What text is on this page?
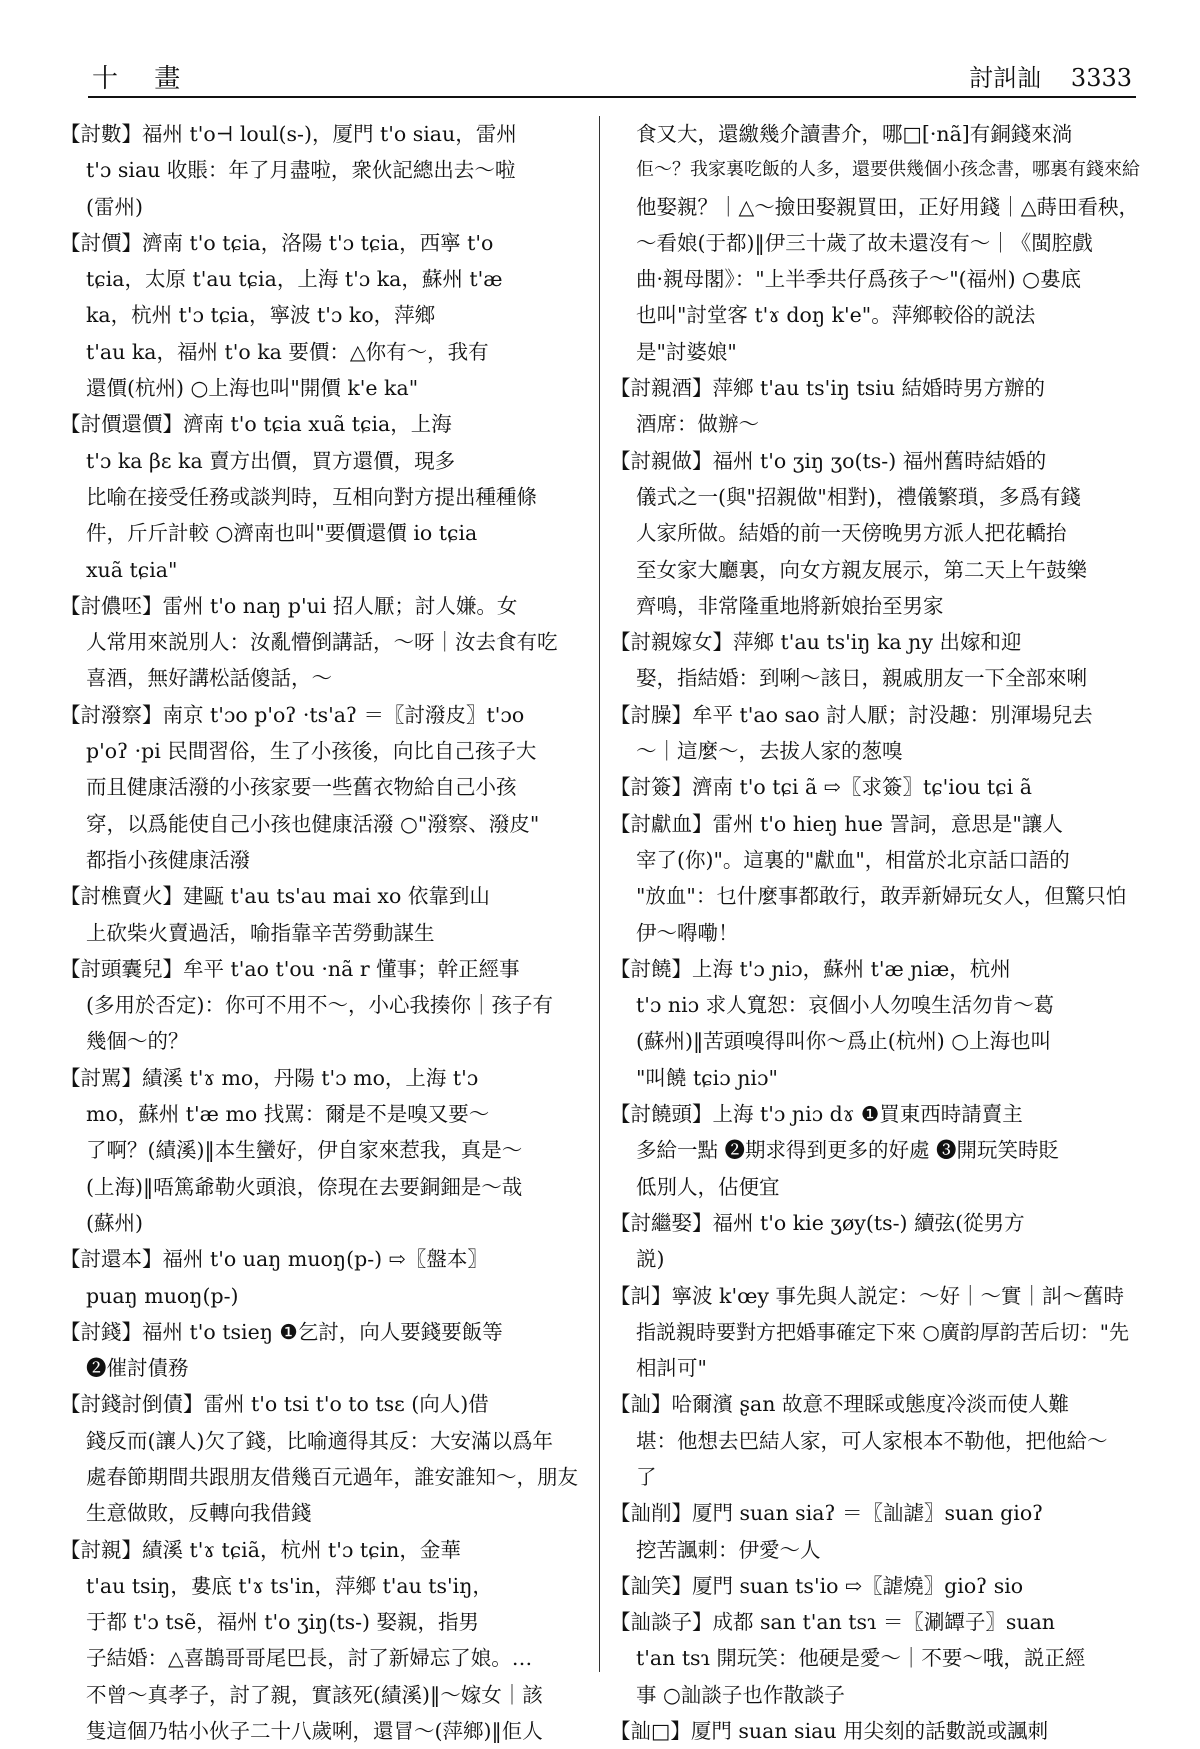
十 畫	討訆訕 3333
【討數】福州 t'o⊣ loul(s-)，厦門 t'o siau，雷州
t'ɔ siau 收賬：年了月盡啦，衆伙記總出去～啦
(雷州)
【討價】濟南 t'o tɕia，洛陽 t'ɔ tɕia，西寧 t'o
tɕia，太原 t'au tɕia，上海 t'ɔ ka，蘇州 t'æ
ka，杭州 t'ɔ tɕia，寧波 t'ɔ ko，萍鄉
t'au ka，福州 t'o ka 要價：△你有～，我有
還價(杭州) ○上海也叫"開價 k'e ka"
【討價還價】濟南 t'o tɕia xuã tɕia，上海
t'ɔ ka βɛ ka 賣方出價，買方還價，現多
比喻在接受任務或談判時，互相向對方提出種種條
件，斤斤計較 ○濟南也叫"要價還價 io tɕia
xuã tɕia"
【討儂呸】雷州 t'o naŋ p'ui 招人厭；討人嫌。女
人常用來説別人：汝亂懵倒講話，～呀｜汝去食有吃
喜酒，無好講松話傻話，～
【討潑察】南京 t'ɔo p'oʔ ·ts'aʔ ＝〖討潑皮〗t'ɔo
p'oʔ ·pi 民間習俗，生了小孩後，向比自己孩子大
而且健康活潑的小孩家要一些舊衣物給自己小孩
穿，以爲能使自己小孩也健康活潑 ○"潑察、潑皮"
都指小孩健康活潑
【討樵賣火】建甌 t'au ts'au mai xo 依靠到山
上砍柴火賣過活，喻指靠辛苦勞動謀生
【討頭囊兒】牟平 t'ao t'ou ·nã r 懂事；幹正經事
(多用於否定)：你可不用不～，小心我揍你｜孩子有
幾個～的？
【討駡】績溪 t'ɤ mo，丹陽 t'ɔ mo，上海 t'ɔ
mo，蘇州 t'æ mo 找駡：爾是不是嗅又要～
了啊？(績溪)‖本生蠻好，伊自家來惹我，真是～
(上海)‖唔篤爺勒火頭浪，倷現在去要銅鈿是～哉
(蘇州)
【討還本】福州 t'o uaŋ muoŋ(p-) ⇨〖盤本〗
puaŋ muoŋ(p-)
【討錢】福州 t'o tsieŋ ❶乞討，向人要錢要飯等
❷催討債務
【討錢討倒債】雷州 t'o tsi t'o to tsɛ (向人)借
錢反而(讓人)欠了錢，比喻適得其反：大安滿以爲年
處春節期間共跟朋友借幾百元過年，誰安誰知～，朋友
生意做敗，反轉向我借錢
【討親】績溪 t'ɤ tɕiã，杭州 t'ɔ tɕin，金華
t'au tsiŋ，婁底 t'ɤ ts'in，萍鄉 t'au ts'iŋ，
于都 t'ɔ tsẽ，福州 t'o ʒiŋ(ts-) 娶親，指男
子結婚：△喜鵲哥哥尾巴長，討了新婦忘了娘。…
不曾～真孝子，討了親，實該死(績溪)‖～嫁女｜該
隻這個乃牯小伙子二十八歲唎，還冒～(萍鄉)‖佢人
食又大，還繳幾介讀書介，哪□[·nã]有銅錢來淌
佢～？我家裏吃飯的人多，還要供幾個小孩念書，哪裏有錢來給
他娶親？｜△～撿田娶親買田，正好用錢｜△蒔田看秧，
～看娘(于都)‖伊三十歲了故未還沒有～｜《閩腔戲
曲·親母閣》："上半季共仔爲孩子～"(福州) ○婁底
也叫"討堂客 t'ɤ doŋ k'e"。萍鄉較俗的説法
是"討婆娘"
【討親酒】萍鄉 t'au ts'iŋ tsiu 結婚時男方辦的
酒席：做辦～
【討親做】福州 t'o ʒiŋ ʒo(ts-) 福州舊時結婚的
儀式之一(與"招親做"相對)，禮儀繁瑣，多爲有錢
人家所做。結婚的前一天傍晚男方派人把花轎抬
至女家大廳裏，向女方親友展示，第二天上午鼓樂
齊鳴，非常隆重地將新娘抬至男家
【討親嫁女】萍鄉 t'au ts'iŋ ka ɲy 出嫁和迎
娶，指結婚：到唎～該日，親戚朋友一下全部來唎
【討臊】牟平 t'ao sao 討人厭；討没趣：別渾場兒去
～｜這麼～，去拔人家的葱嗅
【討簽】濟南 t'o tɕi ã ⇨〖求簽〗tɕ'iou tɕi ã
【討獻血】雷州 t'o hieŋ hue 詈詞，意思是"讓人
宰了(你)"。這裏的"獻血"，相當於北京話口語的
"放血"：乜什麼事都敢行，敢弄新婦玩女人，但驚只怕
伊～嘚嘞！
【討饒】上海 t'ɔ ɲiɔ，蘇州 t'æ ɲiæ，杭州
t'ɔ niɔ 求人寬恕：哀個小人勿嗅生活勿肯～葛
(蘇州)‖苦頭嗅得叫你～爲止(杭州) ○上海也叫
"叫饒 tɕiɔ ɲiɔ"
【討饒頭】上海 t'ɔ ɲiɔ dɤ ❶買東西時請賣主
多給一點 ❷期求得到更多的好處 ❸開玩笑時貶
低別人，佔便宜
【討繼娶】福州 t'o kie ʒøy(ts-) 續弦(從男方
説)
【訆】寧波 k'œy 事先與人説定：～好｜～實｜訆～舊時
指説親時要對方把婚事確定下來 ○廣韵厚韵苦后切："先
相訆可"
【訕】哈爾濱 ʂan 故意不理睬或態度冷淡而使人難
堪：他想去巴結人家，可人家根本不勒他，把他給～
了
【訕削】厦門 suan siaʔ ＝〖訕謔〗suan gioʔ
挖苦諷刺：伊愛～人
【訕笑】厦門 suan ts'io ⇨〖謔燒〗gioʔ sio
【訕談子】成都 san t'an tsɿ ＝〖涮罈子〗suan
t'an tsɿ 開玩笑：他硬是愛～｜不要～哦，説正經
事 ○訕談子也作散談子
【訕□】厦門 suan siau 用尖刻的話數説或諷刺
